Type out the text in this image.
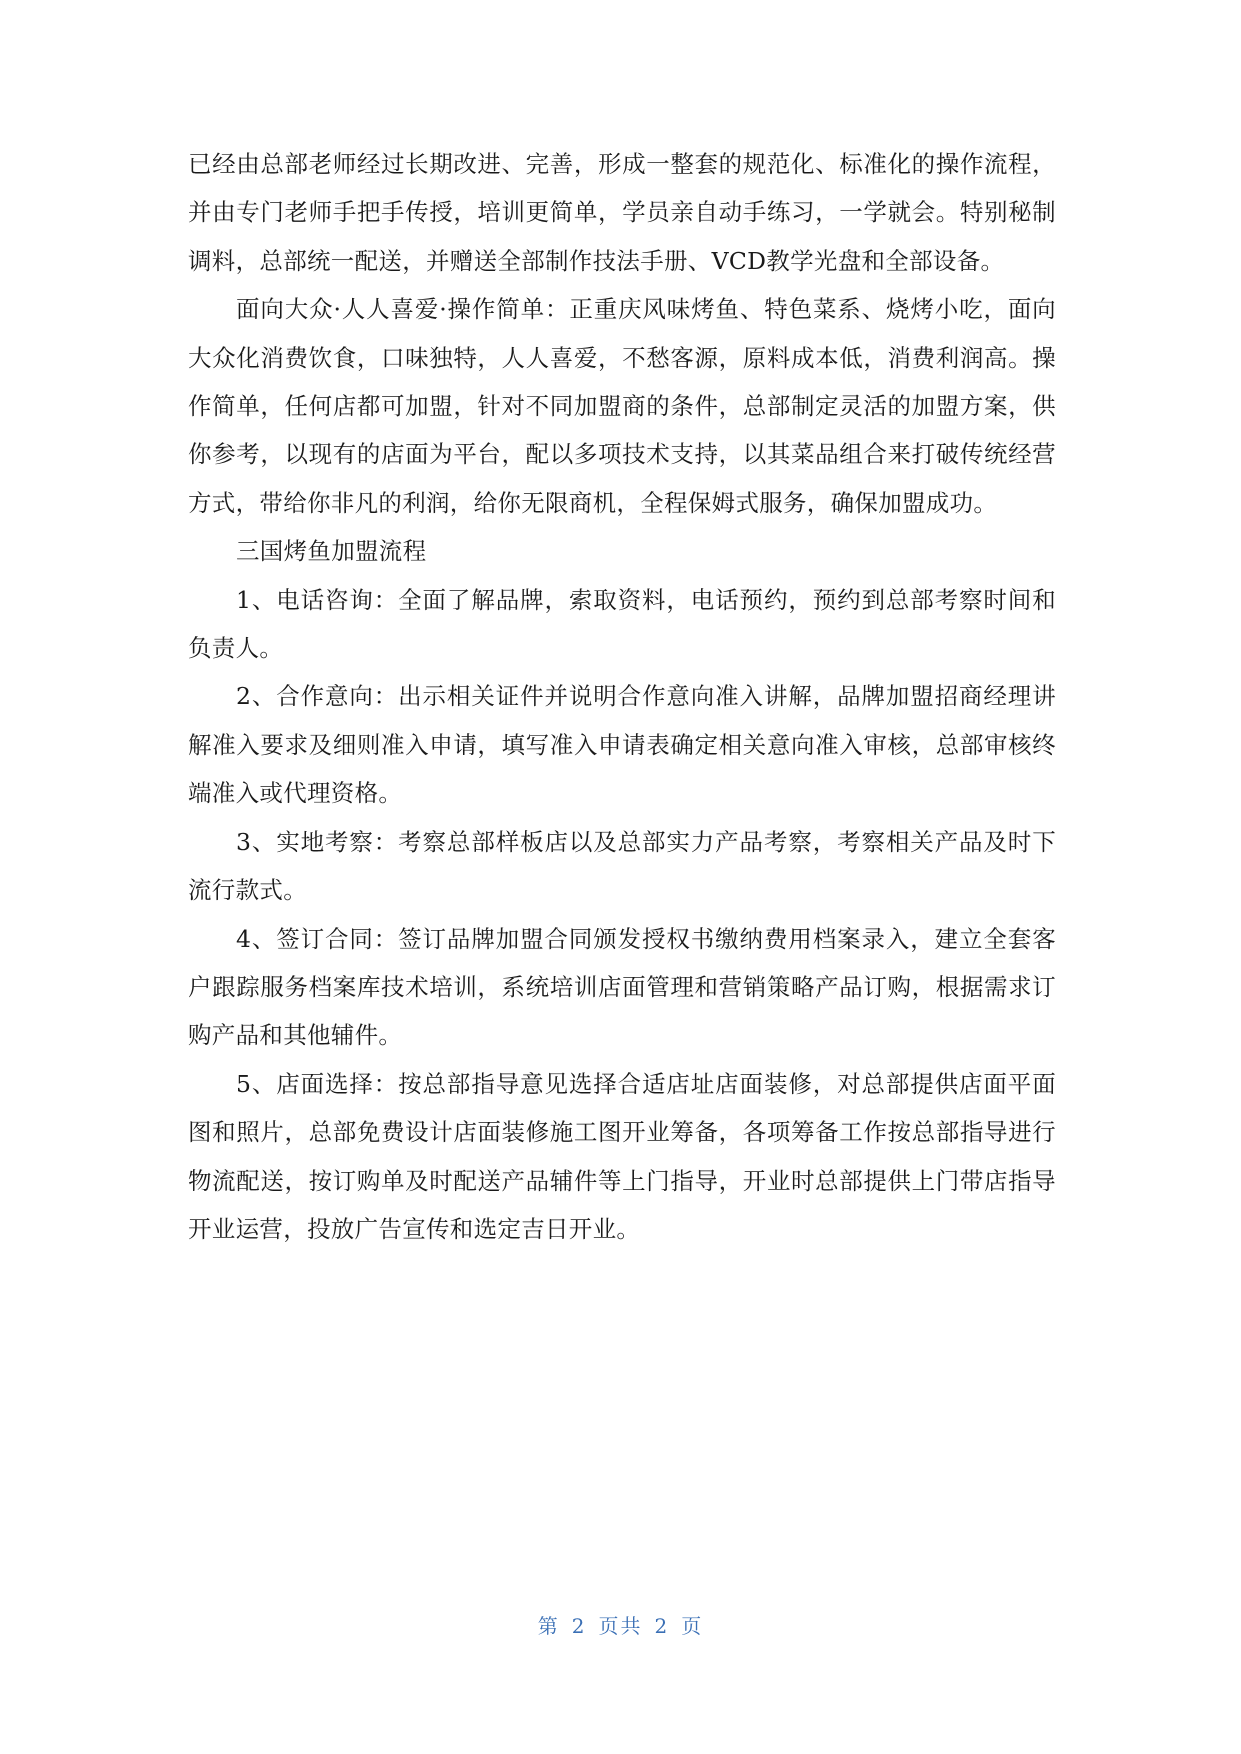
已经由总部老师经过长期改进、完善，形成一整套的规范化、标准化的操作流程，并由专门老师手把手传授，培训更简单，学员亲自动手练习，一学就会。特别秘制调料，总部统一配送，并赠送全部制作技法手册、VCD教学光盘和全部设备。

面向大众·人人喜爱·操作简单：正重庆风味烤鱼、特色菜系、烧烤小吃，面向大众化消费饮食，口味独特，人人喜爱，不愁客源，原料成本低，消费利润高。操作简单，任何店都可加盟，针对不同加盟商的条件，总部制定灵活的加盟方案，供你参考，以现有的店面为平台，配以多项技术支持，以其菜品组合来打破传统经营方式，带给你非凡的利润，给你无限商机，全程保姆式服务，确保加盟成功。

三国烤鱼加盟流程

1、电话咨询：全面了解品牌，索取资料，电话预约，预约到总部考察时间和负责人。

2、合作意向：出示相关证件并说明合作意向准入讲解，品牌加盟招商经理讲解准入要求及细则准入申请，填写准入申请表确定相关意向准入审核，总部审核终端准入或代理资格。

3、实地考察：考察总部样板店以及总部实力产品考察，考察相关产品及时下流行款式。

4、签订合同：签订品牌加盟合同颁发授权书缴纳费用档案录入，建立全套客户跟踪服务档案库技术培训，系统培训店面管理和营销策略产品订购，根据需求订购产品和其他辅件。

5、店面选择：按总部指导意见选择合适店址店面装修，对总部提供店面平面图和照片，总部免费设计店面装修施工图开业筹备，各项筹备工作按总部指导进行物流配送，按订购单及时配送产品辅件等上门指导，开业时总部提供上门带店指导开业运营，投放广告宣传和选定吉日开业。

第 2 页共 2 页
